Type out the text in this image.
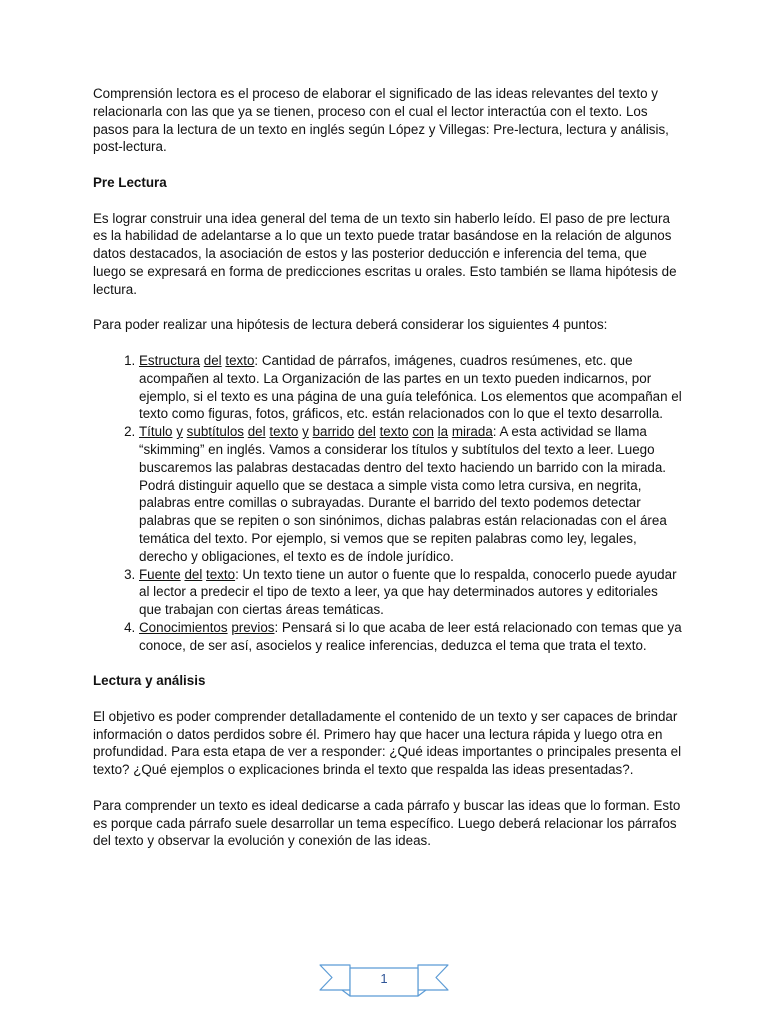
Comprensión lectora es el proceso de elaborar el significado de las ideas relevantes del texto y relacionarla con las que ya se tienen, proceso con el cual el lector interactúa con el texto. Los pasos para la lectura de un texto en inglés según López y Villegas: Pre-lectura, lectura y análisis, post-lectura.

Pre Lectura

Es lograr construir una idea general del tema de un texto sin haberlo leído. El paso de pre lectura es la habilidad de adelantarse a lo que un texto puede tratar basándose en la relación de algunos datos destacados, la asociación de estos y las posterior deducción e inferencia del tema, que luego se expresará en forma de predicciones escritas u orales. Esto también se llama hipótesis de lectura.

Para poder realizar una hipótesis de lectura deberá considerar los siguientes 4 puntos:

1. Estructura del texto: Cantidad de párrafos, imágenes, cuadros resúmenes, etc. que acompañen al texto. La Organización de las partes en un texto pueden indicarnos, por ejemplo, si el texto es una página de una guía telefónica. Los elementos que acompañan el texto como figuras, fotos, gráficos, etc. están relacionados con lo que el texto desarrolla.
2. Título y subtítulos del texto y barrido del texto con la mirada: A esta actividad se llama “skimming” en inglés. Vamos a considerar los títulos y subtítulos del texto a leer. Luego buscaremos las palabras destacadas dentro del texto haciendo un barrido con la mirada. Podrá distinguir aquello que se destaca a simple vista como letra cursiva, en negrita, palabras entre comillas o subrayadas. Durante el barrido del texto podemos detectar palabras que se repiten o son sinónimos, dichas palabras están relacionadas con el área temática del texto. Por ejemplo, si vemos que se repiten palabras como ley, legales, derecho y obligaciones, el texto es de índole jurídico.
3. Fuente del texto: Un texto tiene un autor o fuente que lo respalda, conocerlo puede ayudar al lector a predecir el tipo de texto a leer, ya que hay determinados autores y editoriales que trabajan con ciertas áreas temáticas.
4. Conocimientos previos: Pensará si lo que acaba de leer está relacionado con temas que ya conoce, de ser así, asocielos y realice inferencias, deduzca el tema que trata el texto.
Lectura y análisis

El objetivo es poder comprender detalladamente el contenido de un texto y ser capaces de brindar información o datos perdidos sobre él. Primero hay que hacer una lectura rápida y luego otra en profundidad. Para esta etapa de ver a responder: ¿Qué ideas importantes o principales presenta el texto? ¿Qué ejemplos o explicaciones brinda el texto que respalda las ideas presentadas?.

Para comprender un texto es ideal dedicarse a cada párrafo y buscar las ideas que lo forman. Esto es porque cada párrafo suele desarrollar un tema específico. Luego deberá relacionar los párrafos del texto y observar la evolución y conexión de las ideas.

1
